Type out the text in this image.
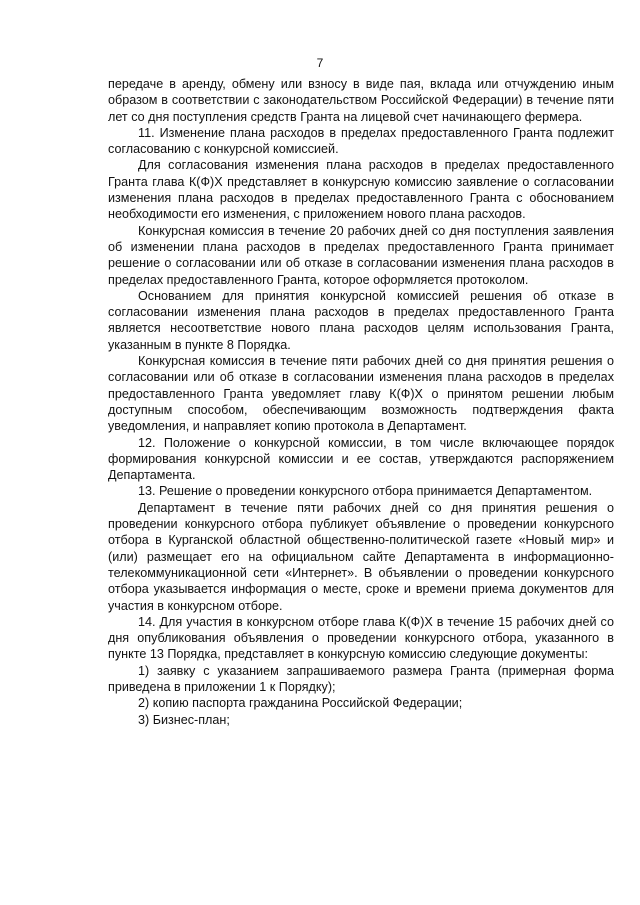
7

передаче в аренду, обмену или взносу в виде пая, вклада или отчуждению иным образом в соответствии с законодательством Российской Федерации) в течение пяти лет со дня поступления средств Гранта на лицевой счет начинающего фермера.

11. Изменение плана расходов в пределах предоставленного Гранта подлежит согласованию с конкурсной комиссией.

Для согласования изменения плана расходов в пределах предоставленного Гранта глава К(Ф)Х представляет в конкурсную комиссию заявление о согласовании изменения плана расходов в пределах предоставленного Гранта с обоснованием необходимости его изменения, с приложением нового плана расходов.

Конкурсная комиссия в течение 20 рабочих дней со дня поступления заявления об изменении плана расходов в пределах предоставленного Гранта принимает решение о согласовании или об отказе в согласовании изменения плана расходов в пределах предоставленного Гранта, которое оформляется протоколом.

Основанием для принятия конкурсной комиссией решения об отказе в согласовании изменения плана расходов в пределах предоставленного Гранта является несоответствие нового плана расходов целям использования Гранта, указанным в пункте 8 Порядка.

Конкурсная комиссия в течение пяти рабочих дней со дня принятия решения о согласовании или об отказе в согласовании изменения плана расходов в пределах предоставленного Гранта уведомляет главу К(Ф)Х о принятом решении любым доступным способом, обеспечивающим возможность подтверждения факта уведомления, и направляет копию протокола в Департамент.

12. Положение о конкурсной комиссии, в том числе включающее порядок формирования конкурсной комиссии и ее состав, утверждаются распоряжением Департамента.

13. Решение о проведении конкурсного отбора принимается Департаментом.

Департамент в течение пяти рабочих дней со дня принятия решения о проведении конкурсного отбора публикует объявление о проведении конкурсного отбора в Курганской областной общественно-политической газете «Новый мир» и (или) размещает его на официальном сайте Департамента в информационно-телекоммуникационной сети «Интернет». В объявлении о проведении конкурсного отбора указывается информация о месте, сроке и времени приема документов для участия в конкурсном отборе.

14. Для участия в конкурсном отборе глава К(Ф)Х в течение 15 рабочих дней со дня опубликования объявления о проведении конкурсного отбора, указанного в пункте 13 Порядка, представляет в конкурсную комиссию следующие документы:

1) заявку с указанием запрашиваемого размера Гранта (примерная форма приведена в приложении 1 к Порядку);

2) копию паспорта гражданина Российской Федерации;

3) Бизнес-план;
